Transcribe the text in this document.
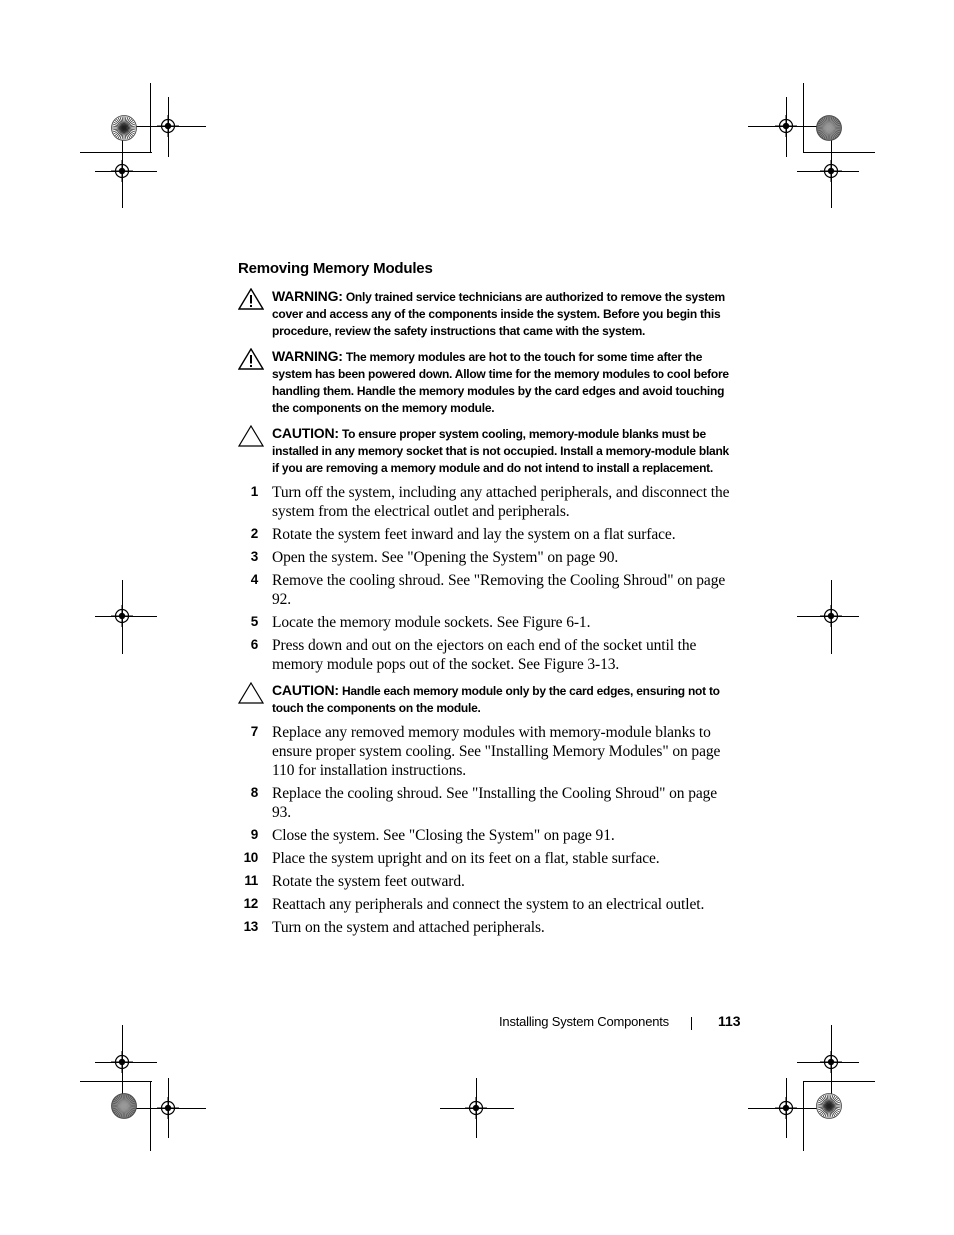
Removing Memory Modules

WARNING: Only trained service technicians are authorized to remove the system cover and access any of the components inside the system. Before you begin this procedure, review the safety instructions that came with the system.

WARNING: The memory modules are hot to the touch for some time after the system has been powered down. Allow time for the memory modules to cool before handling them. Handle the memory modules by the card edges and avoid touching the components on the memory module.

CAUTION: To ensure proper system cooling, memory-module blanks must be installed in any memory socket that is not occupied. Install a memory-module blank if you are removing a memory module and do not intend to install a replacement.

1 Turn off the system, including any attached peripherals, and disconnect the system from the electrical outlet and peripherals.
2 Rotate the system feet inward and lay the system on a flat surface.
3 Open the system. See "Opening the System" on page 90.
4 Remove the cooling shroud. See "Removing the Cooling Shroud" on page 92.
5 Locate the memory module sockets. See Figure 6-1.
6 Press down and out on the ejectors on each end of the socket until the memory module pops out of the socket. See Figure 3-13.

CAUTION: Handle each memory module only by the card edges, ensuring not to touch the components on the module.

7 Replace any removed memory modules with memory-module blanks to ensure proper system cooling. See "Installing Memory Modules" on page 110 for installation instructions.
8 Replace the cooling shroud. See "Installing the Cooling Shroud" on page 93.
9 Close the system. See "Closing the System" on page 91.
10 Place the system upright and on its feet on a flat, stable surface.
11 Rotate the system feet outward.
12 Reattach any peripherals and connect the system to an electrical outlet.
13 Turn on the system and attached peripherals.
Installing System Components	113
